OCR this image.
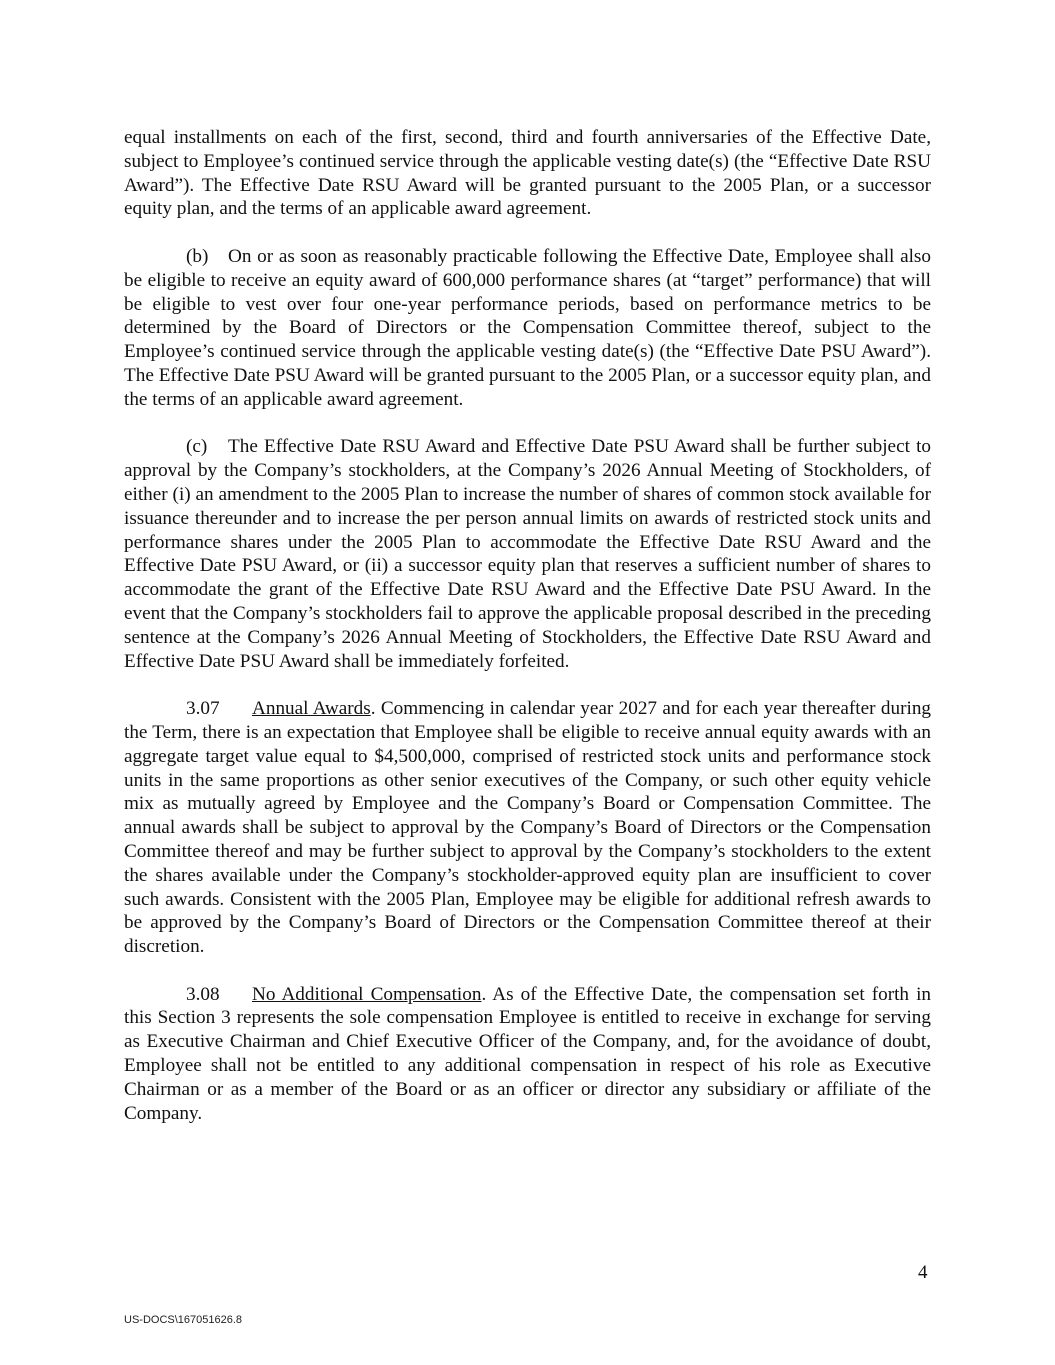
equal installments on each of the first, second, third and fourth anniversaries of the Effective Date, subject to Employee’s continued service through the applicable vesting date(s) (the “Effective Date RSU Award”). The Effective Date RSU Award will be granted pursuant to the 2005 Plan, or a successor equity plan, and the terms of an applicable award agreement.

(b) On or as soon as reasonably practicable following the Effective Date, Employee shall also be eligible to receive an equity award of 600,000 performance shares (at “target” performance) that will be eligible to vest over four one-year performance periods, based on performance metrics to be determined by the Board of Directors or the Compensation Committee thereof, subject to the Employee’s continued service through the applicable vesting date(s) (the “Effective Date PSU Award”). The Effective Date PSU Award will be granted pursuant to the 2005 Plan, or a successor equity plan, and the terms of an applicable award agreement.

(c) The Effective Date RSU Award and Effective Date PSU Award shall be further subject to approval by the Company’s stockholders, at the Company’s 2026 Annual Meeting of Stockholders, of either (i) an amendment to the 2005 Plan to increase the number of shares of common stock available for issuance thereunder and to increase the per person annual limits on awards of restricted stock units and performance shares under the 2005 Plan to accommodate the Effective Date RSU Award and the Effective Date PSU Award, or (ii) a successor equity plan that reserves a sufficient number of shares to accommodate the grant of the Effective Date RSU Award and the Effective Date PSU Award. In the event that the Company’s stockholders fail to approve the applicable proposal described in the preceding sentence at the Company’s 2026 Annual Meeting of Stockholders, the Effective Date RSU Award and Effective Date PSU Award shall be immediately forfeited.

3.07 Annual Awards. Commencing in calendar year 2027 and for each year thereafter during the Term, there is an expectation that Employee shall be eligible to receive annual equity awards with an aggregate target value equal to $4,500,000, comprised of restricted stock units and performance stock units in the same proportions as other senior executives of the Company, or such other equity vehicle mix as mutually agreed by Employee and the Company’s Board or Compensation Committee. The annual awards shall be subject to approval by the Company’s Board of Directors or the Compensation Committee thereof and may be further subject to approval by the Company’s stockholders to the extent the shares available under the Company’s stockholder-approved equity plan are insufficient to cover such awards. Consistent with the 2005 Plan, Employee may be eligible for additional refresh awards to be approved by the Company’s Board of Directors or the Compensation Committee thereof at their discretion.

3.08 No Additional Compensation. As of the Effective Date, the compensation set forth in this Section 3 represents the sole compensation Employee is entitled to receive in exchange for serving as Executive Chairman and Chief Executive Officer of the Company, and, for the avoidance of doubt, Employee shall not be entitled to any additional compensation in respect of his role as Executive Chairman or as a member of the Board or as an officer or director any subsidiary or affiliate of the Company.

4
US-DOCS\167051626.8
